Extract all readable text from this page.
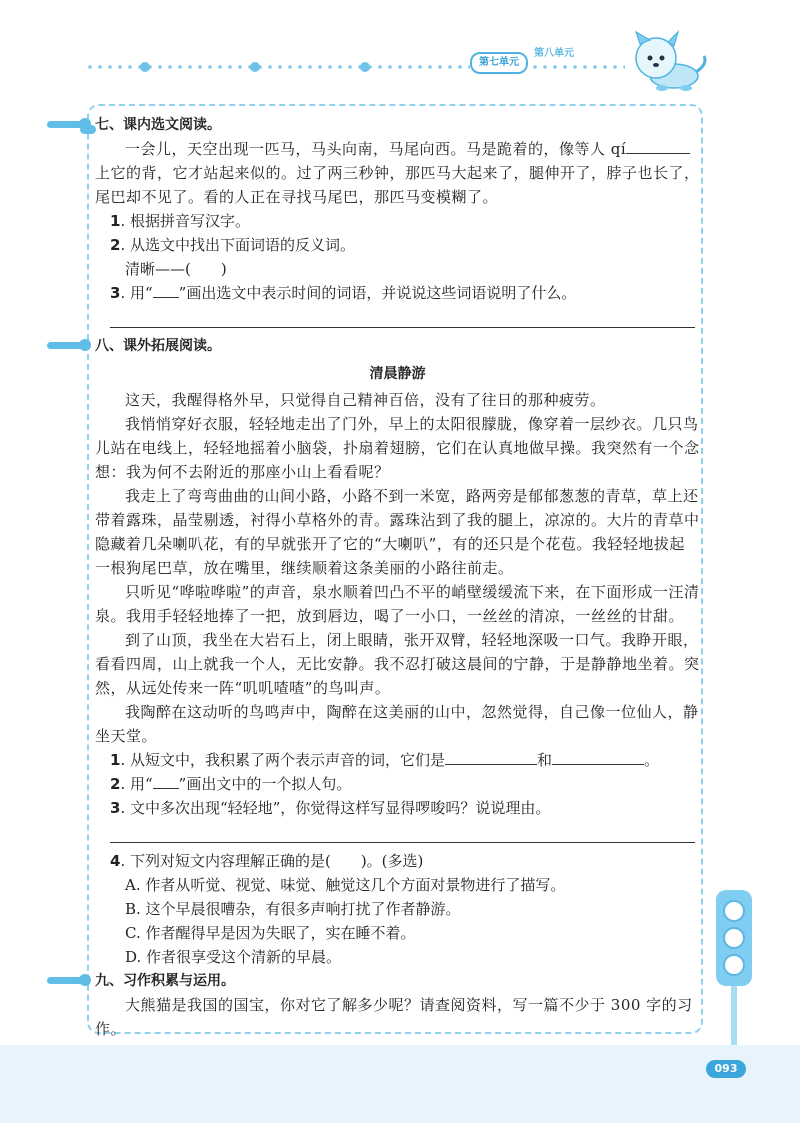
第七单元
第八单元
093

七、课内选文阅读。

一会儿，天空出现一匹马，马头向南，马尾向西。马是跪着的，像等人 qí上它的背，它才站起来似的。过了两三秒钟，那匹马大起来了，腿伸开了，脖子也长了，尾巴却不见了。看的人正在寻找马尾巴，那匹马变模糊了。

1. 根据拼音写汉字。

2. 从选文中找出下面词语的反义词。

清晰——(　　)

3. 用“ ”画出选文中表示时间的词语，并说说这些词语说明了什么。

八、课外拓展阅读。

清晨静游

这天，我醒得格外早，只觉得自己精神百倍，没有了往日的那种疲劳。

我悄悄穿好衣服，轻轻地走出了门外，早上的太阳很朦胧，像穿着一层纱衣。几只鸟儿站在电线上，轻轻地摇着小脑袋，扑扇着翅膀，它们在认真地做早操。我突然有一个念想：我为何不去附近的那座小山上看看呢？

我走上了弯弯曲曲的山间小路，小路不到一米宽，路两旁是郁郁葱葱的青草，草上还带着露珠，晶莹剔透，衬得小草格外的青。露珠沾到了我的腿上，凉凉的。大片的青草中隐藏着几朵喇叭花，有的早就张开了它的“大喇叭”，有的还只是个花苞。我轻轻地拔起一根狗尾巴草，放在嘴里，继续顺着这条美丽的小路往前走。

只听见“哗啦哗啦”的声音，泉水顺着凹凸不平的峭壁缓缓流下来，在下面形成一汪清泉。我用手轻轻地捧了一把，放到唇边，喝了一小口，一丝丝的清凉，一丝丝的甘甜。

到了山顶，我坐在大岩石上，闭上眼睛，张开双臂，轻轻地深吸一口气。我睁开眼，看看四周，山上就我一个人，无比安静。我不忍打破这晨间的宁静，于是静静地坐着。突然，从远处传来一阵“叽叽喳喳”的鸟叫声。

我陶醉在这动听的鸟鸣声中，陶醉在这美丽的山中，忽然觉得，自己像一位仙人，静坐天堂。

1. 从短文中，我积累了两个表示声音的词，它们是	和	。

2. 用“ ”画出文中的一个拟人句。

3. 文中多次出现“轻轻地”，你觉得这样写显得啰唆吗？说说理由。

4. 下列对短文内容理解正确的是(　　)。(多选)

A. 作者从听觉、视觉、味觉、触觉这几个方面对景物进行了描写。

B. 这个早晨很嘈杂，有很多声响打扰了作者静游。

C. 作者醒得早是因为失眠了，实在睡不着。

D. 作者很享受这个清新的早晨。

九、习作积累与运用。

大熊猫是我国的国宝，你对它了解多少呢？请查阅资料，写一篇不少于 300 字的习作。
